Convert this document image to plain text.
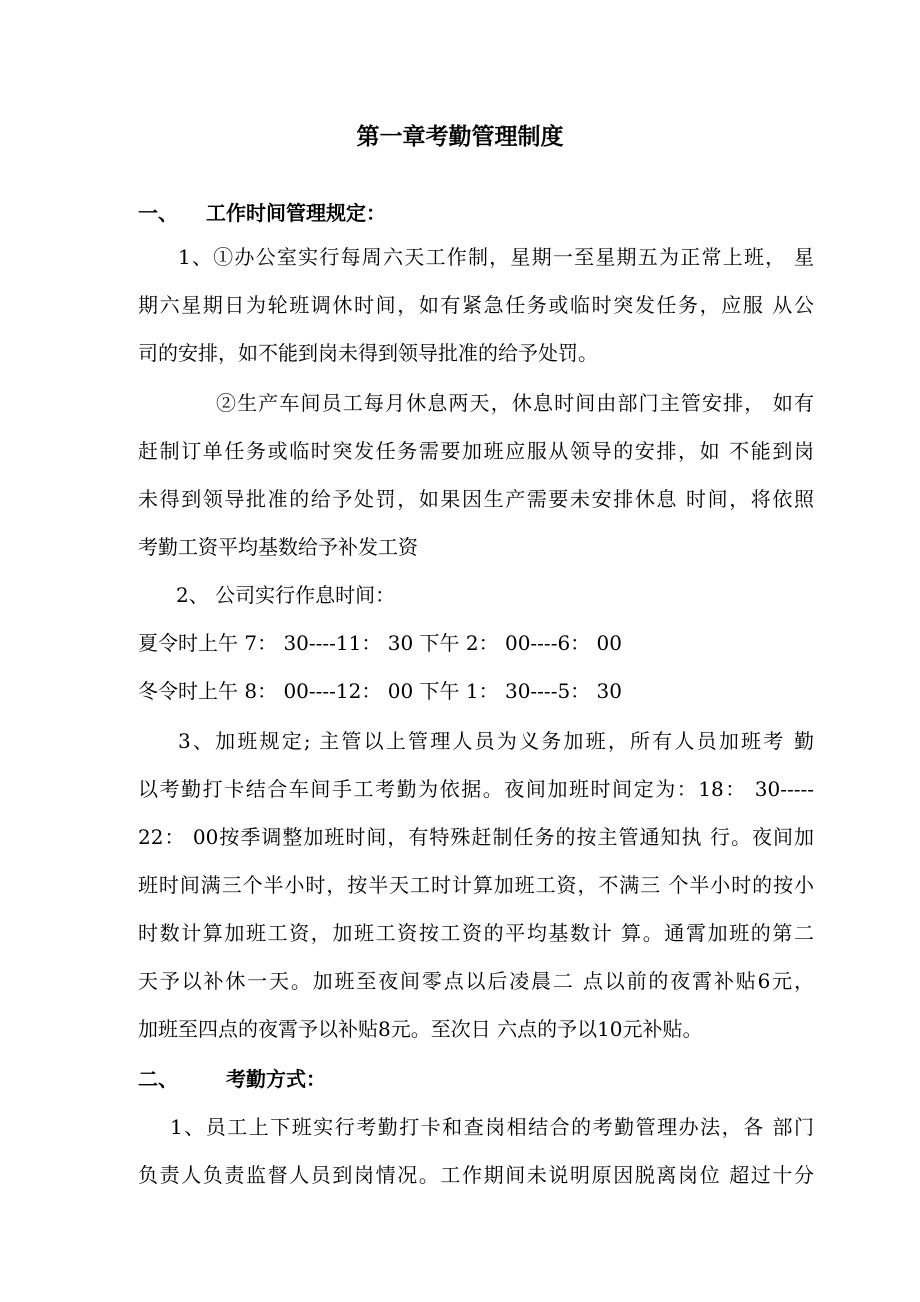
第一章考勤管理制度
一、 工作时间管理规定：
1、①办公室实行每周六天工作制，星期一至星期五为正常上班， 星
期六星期日为轮班调休时间，如有紧急任务或临时突发任务，应服 从公
司的安排，如不能到岗未得到领导批准的给予处罚。
②生产车间员工每月休息两天，休息时间由部门主管安排， 如有
赶制订单任务或临时突发任务需要加班应服从领导的安排，如 不能到岗
未得到领导批准的给予处罚，如果因生产需要未安排休息 时间，将依照
考勤工资平均基数给予补发工资
2、 公司实行作息时间：
夏令时上午 7： 30----11： 30 下午 2： 00----6： 00
冬令时上午 8： 00----12： 00 下午 1： 30----5： 30
3、加班规定; 主管以上管理人员为义务加班，所有人员加班考 勤
以考勤打卡结合车间手工考勤为依据。夜间加班时间定为：18： 30-----
22： 00按季调整加班时间，有特殊赶制任务的按主管通知执 行。夜间加
班时间满三个半小时，按半天工时计算加班工资，不满三 个半小时的按小
时数计算加班工资，加班工资按工资的平均基数计 算。通霄加班的第二
天予以补休一天。加班至夜间零点以后凌晨二 点以前的夜霄补贴6元，
加班至四点的夜霄予以补贴8元。至次日 六点的予以10元补贴。
二、 考勤方式：
1、员工上下班实行考勤打卡和查岗相结合的考勤管理办法，各 部门
负责人负责监督人员到岗情况。工作期间未说明原因脱离岗位 超过十分
